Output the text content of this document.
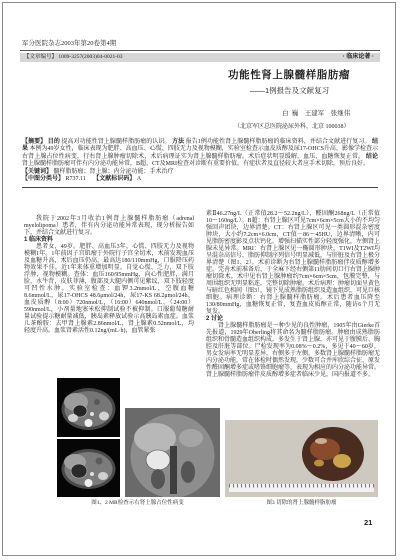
军分医院杂志2003年第20卷第4期
【文章编号】 1009-3257(2003)04-0021-03	· 临床论著 ·
功能性肾上腺髓样脂肪瘤
——1例报告及文献复习
白  巍    王建军    张继伟
（北京军区总医院泌尿外科，北京 100038）

【摘要】 目的 提高对功能性肾上腺髓样脂肪瘤的认识。 方法 报告1例功能性肾上腺髓样脂肪瘤的临床资料，并结合文献进行复习。 结果 本例为49岁女性，临床表现为肥胖、高血压、心慌、四肢无力及视物模糊，实验室检查示血皮质醇及尿17-OHCS升高，影像学检查示右肾上腺占位性病变，行右肾上腺肿瘤切除术，术后病理证实为肾上腺髓样脂肪瘤，术后症状明显缓解，血压、血糖恢复正常。 结论 肾上腺髓样脂肪瘤可伴有内分泌功能异常，B超、CT及MRI检查对诊断有重要价值，有症状者及直径较大者应手术切除，预后良好。

【关键词】 髓样脂肪瘤；肾上腺；内分泌功能；手术治疗

【中图分类号】 R737.11 【文献标识码】 A

我院于2002年3月收治1例肾上腺髓样脂肪瘤（adrenal myelolipoma）患者，伴有内分泌功能异常表现，现分析报告如下，并结合文献进行复习。

1 临床资料

患者女，49岁。肥胖、高血压3年，心慌、四肢无力及视物模糊1年。1年前因子宫肌瘤于外院行子宫全切术，术前发现血压及血糖升高，术后血压仍高，最高达180/110mmHg，口服降压药物效果不佳。近1年来体重增加明显，自觉心慌、乏力，双下肢浮肿，视物模糊。查体：血压160/95mmHg，向心性肥胖，满月脸，水牛背，皮肤菲薄，腹部及大腿内侧可见紫纹，双下肢轻度可凹性水肿。实验室检查：血钾3.2mmol/L，空腹血糖8.6mmol/L，尿17-OHCS 48.6μmol/24h，尿17-KS 68.2μmol/24h，血皮质醇（8:00）720nmol/L，（16:00）640nmol/L，（24:00）590nmol/L，小剂量地塞米松抑制试验不被抑制。口服葡萄糖耐量试验提示糖耐量减低，胰岛素释放试验示高胰岛素血症。血浆儿茶酚胺：去甲肾上腺素2.86nmol/L，肾上腺素0.52nmol/L，均轻度升高。血浆肾素活性0.12ng/(mL·h)，血管紧张

素Ⅱ46.27ng/L（正常值28.2～52.2ng/L），醛固酮268ng/L（正常值10～160ng/L）。B超：右肾上腺区可见7cm×6cm×5cm大小的不均匀强回声团块，边界清楚。CT：右肾上腺区可见一类圆形混杂密度肿块，大小约7.2cm×6.0cm，CT值－86～45HU，边界清晰，内可见脂肪密度影及点状钙化，增强扫描实性部分轻度强化，左侧肾上腺未见异常。MRI：右肾上腺区见一椭圆形肿块，T1WI及T2WI均呈混杂高信号，脂肪抑制序列信号明显减低，与肝脏及右肾上极分界清楚（图1、2）。术前诊断为右肾上腺髓样脂肪瘤伴皮质醇增多症。完善术前准备后，于全麻下经右侧第11肋间切口行右肾上腺肿瘤切除术。术中见右肾上腺肿瘤约7cm×6cm×5cm，包膜完整，与周围组织无明显粘连，完整切除肿瘤。术后病理：肿瘤切面呈黄色与暗红色相间（图3），镜下见成熟脂肪组织及造血组织，可见巨核细胞。病理诊断：右肾上腺髓样脂肪瘤。术后患者血压降至130/80mmHg，血糖恢复正常，复查血皮质醇正常，随访6个月无复发。

2 讨论

肾上腺髓样脂肪瘤是一种少见的良性肿瘤，1905年由Gierke首先报道，1929年Oberling将其命名为髓样脂肪瘤。肿瘤由成熟脂肪组织和骨髓造血组织构成，多发生于肾上腺，亦可见于腹膜后、胸腔及肝脏等部位。尸检发现率为0.08%～0.2%，多见于40～60岁，男女发病率无明显差异，右侧多于左侧。多数肾上腺髓样脂肪瘤无内分泌功能，常在体检时偶然发现，少数可合并库欣综合征、原发性醛固酮增多症或嗜铬细胞瘤等，表现为相应的内分泌功能异常。肾上腺髓样脂肪瘤伴皮质醇增多症者临床少见，国内报道不多。

图1、2 MR检查示右肾上腺占位性病变	图3 切除的肾上腺髓样脂肪瘤
21
